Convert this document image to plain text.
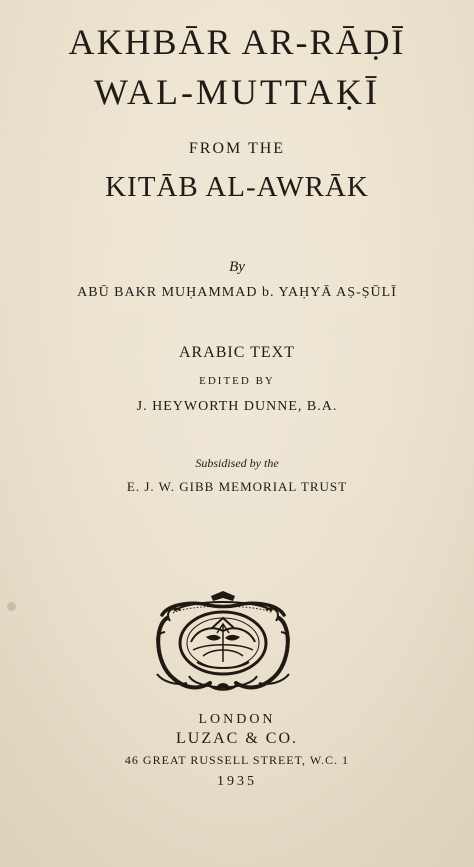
AKHBĀR AR-RĀḌĪ
WAL-MUTTAḲĪ
FROM THE
KITĀB AL-AWRĀK
By
ABŪ BAKR MUḤAMMAD b. YAḤYĀ AṢ-ṢŪLĪ
ARABIC TEXT
EDITED BY
J. HEYWORTH DUNNE, B.A.
Subsidised by the
E. J. W. GIBB MEMORIAL TRUST
LONDON
LUZAC & CO.
46 GREAT RUSSELL STREET, W.C. 1
1935
